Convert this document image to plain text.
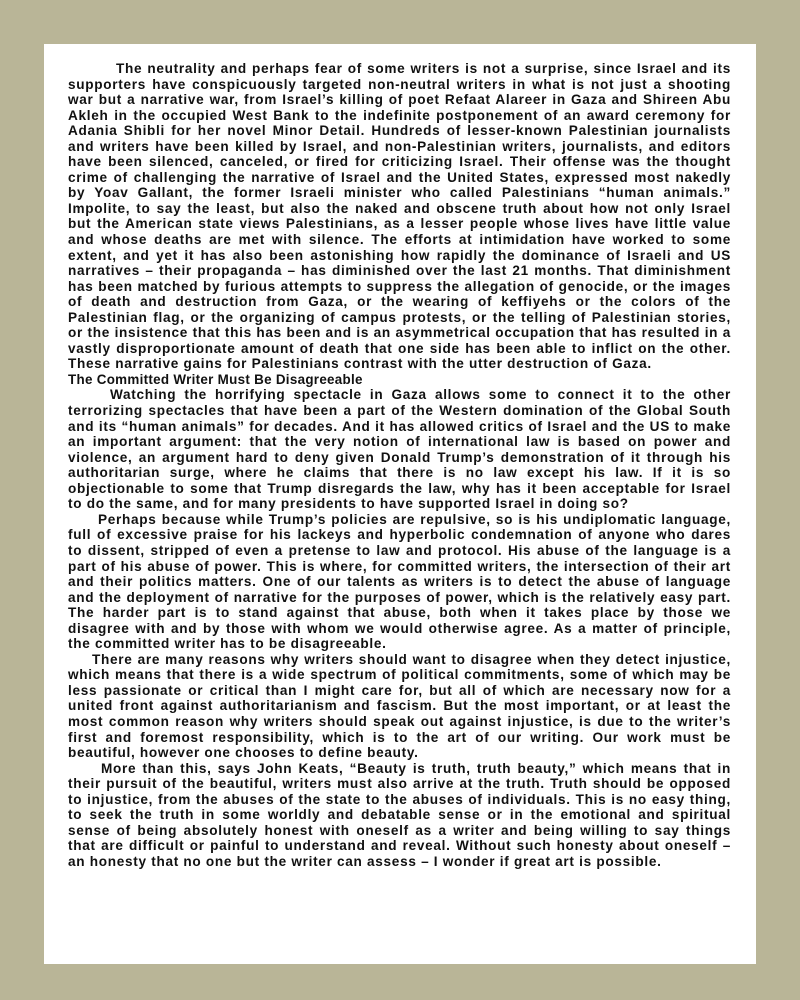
The neutrality and perhaps fear of some writers is not a surprise, since Israel and its supporters have conspicuously targeted non-neutral writers in what is not just a shooting war but a narrative war, from Israel’s killing of poet Refaat Alareer in Gaza and Shireen Abu Akleh in the occupied West Bank to the indefinite postponement of an award ceremony for Adania Shibli for her novel Minor Detail. Hundreds of lesser-known Palestinian journalists and writers have been killed by Israel, and non-Palestinian writers, journalists, and editors have been silenced, canceled, or fired for criticizing Israel. Their offense was the thought crime of challenging the narrative of Israel and the United States, expressed most nakedly by Yoav Gallant, the former Israeli minister who called Palestinians “human animals.” Impolite, to say the least, but also the naked and obscene truth about how not only Israel but the American state views Palestinians, as a lesser people whose lives have little value and whose deaths are met with silence. The efforts at intimidation have worked to some extent, and yet it has also been astonishing how rapidly the dominance of Israeli and US narratives – their propaganda – has diminished over the last 21 months. That diminishment has been matched by furious attempts to suppress the allegation of genocide, or the images of death and destruction from Gaza, or the wearing of keffiyehs or the colors of the Palestinian flag, or the organizing of campus protests, or the telling of Palestinian stories, or the insistence that this has been and is an asymmetrical occupation that has resulted in a vastly disproportionate amount of death that one side has been able to inflict on the other. These narrative gains for Palestinians contrast with the utter destruction of Gaza.

The Committed Writer Must Be Disagreeable

Watching the horrifying spectacle in Gaza allows some to connect it to the other terrorizing spectacles that have been a part of the Western domination of the Global South and its “human animals” for decades. And it has allowed critics of Israel and the US to make an important argument: that the very notion of international law is based on power and violence, an argument hard to deny given Donald Trump’s demonstration of it through his authoritarian surge, where he claims that there is no law except his law. If it is so objectionable to some that Trump disregards the law, why has it been acceptable for Israel to do the same, and for many presidents to have supported Israel in doing so?

Perhaps because while Trump’s policies are repulsive, so is his undiplomatic language, full of excessive praise for his lackeys and hyperbolic condemnation of anyone who dares to dissent, stripped of even a pretense to law and protocol. His abuse of the language is a part of his abuse of power. This is where, for committed writers, the intersection of their art and their politics matters. One of our talents as writers is to detect the abuse of language and the deployment of narrative for the purposes of power, which is the relatively easy part. The harder part is to stand against that abuse, both when it takes place by those we disagree with and by those with whom we would otherwise agree. As a matter of principle, the committed writer has to be disagreeable.

There are many reasons why writers should want to disagree when they detect injustice, which means that there is a wide spectrum of political commitments, some of which may be less passionate or critical than I might care for, but all of which are necessary now for a united front against authoritarianism and fascism. But the most important, or at least the most common reason why writers should speak out against injustice, is due to the writer’s first and foremost responsibility, which is to the art of our writing. Our work must be beautiful, however one chooses to define beauty.

More than this, says John Keats, “Beauty is truth, truth beauty,” which means that in their pursuit of the beautiful, writers must also arrive at the truth. Truth should be opposed to injustice, from the abuses of the state to the abuses of individuals. This is no easy thing, to seek the truth in some worldly and debatable sense or in the emotional and spiritual sense of being absolutely honest with oneself as a writer and being willing to say things that are difficult or painful to understand and reveal. Without such honesty about oneself – an honesty that no one but the writer can assess – I wonder if great art is possible.
